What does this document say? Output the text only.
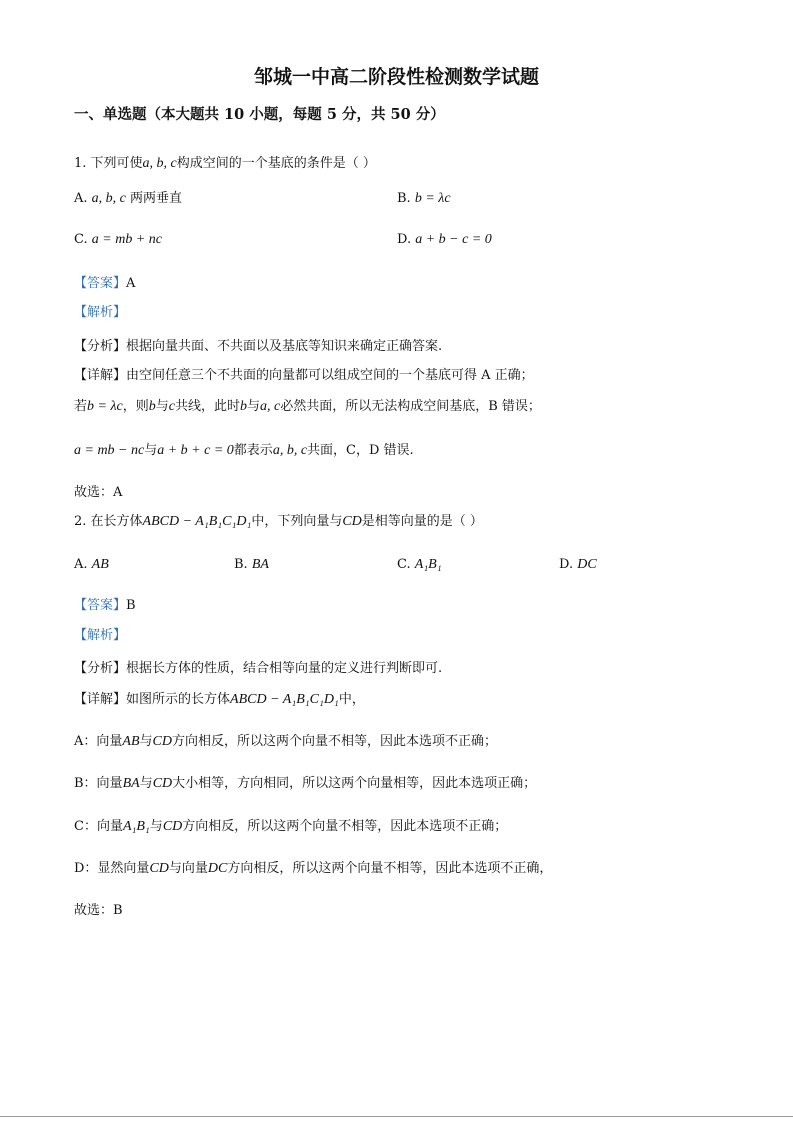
邹城一中高二阶段性检测数学试题
一、单选题（本大题共 10 小题，每题 5 分，共 50 分）
1. 下列可使a, b, c构成空间的一个基底的条件是（ ）
A. a, b, c 两两垂直	B. b = λc
C. a = mb + nc	D. a + b − c = 0
【答案】A
【解析】
【分析】根据向量共面、不共面以及基底等知识来确定正确答案.
【详解】由空间任意三个不共面的向量都可以组成空间的一个基底可得 A 正确；
若b = λc，则b与c共线，此时b与a, c必然共面，所以无法构成空间基底，B 错误；
a = mb − nc与a + b + c = 0都表示a, b, c共面，C，D 错误.
故选：A
2. 在长方体ABCD − A₁B₁C₁D₁中，下列向量与CD是相等向量的是（ ）
A. AB	B. BA	C. A₁B₁	D. DC
【答案】B
【解析】
【分析】根据长方体的性质，结合相等向量的定义进行判断即可.
【详解】如图所示的长方体ABCD − A₁B₁C₁D₁中，
A：向量AB与CD方向相反，所以这两个向量不相等，因此本选项不正确；
B：向量BA与CD大小相等，方向相同，所以这两个向量相等，因此本选项正确；
C：向量A₁B₁与CD方向相反，所以这两个向量不相等，因此本选项不正确；
D：显然向量CD与向量DC方向相反，所以这两个向量不相等，因此本选项不正确，
故选：B
